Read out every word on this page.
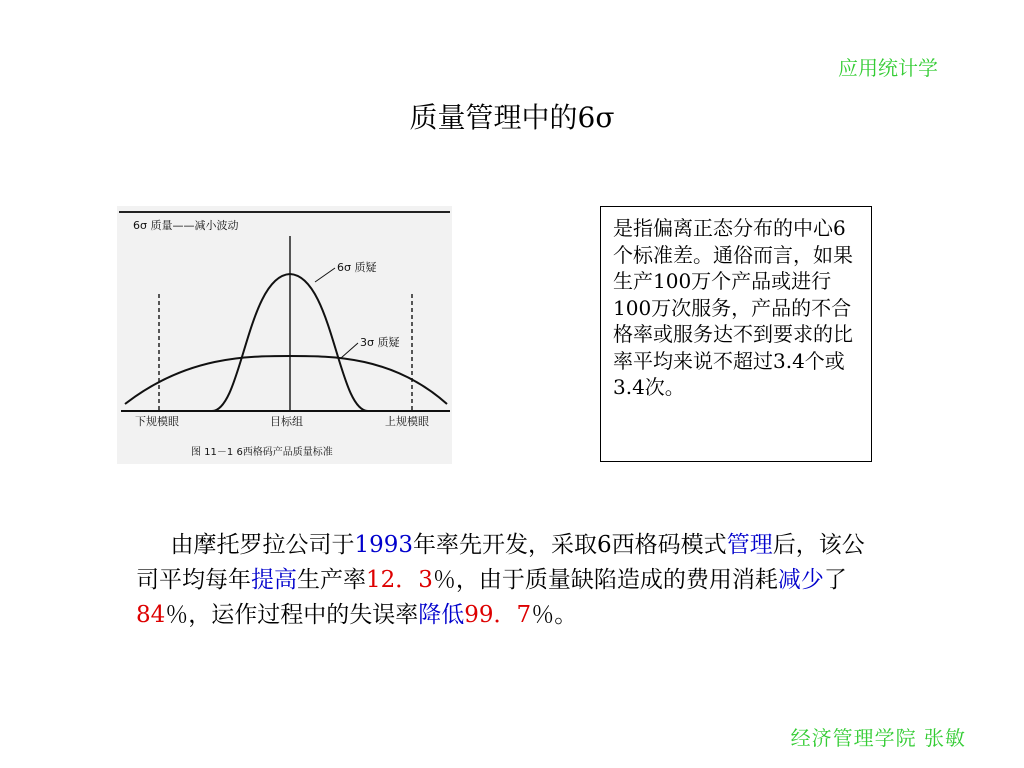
应用统计学
质量管理中的6σ
6σ 质量——减小波动
6σ 质疑
3σ 质疑
下规模眼	目标组	上规模眼
图 11－1 6西格码产品质量标准
是指偏离正态分布的中心6个标准差。通俗而言，如果生产100万个产品或进行100万次服务，产品的不合格率或服务达不到要求的比率平均来说不超过3.4个或3.4次。
由摩托罗拉公司于1993年率先开发，采取6西格码模式管理后，该公司平均每年提高生产率12．3％，由于质量缺陷造成的费用消耗减少了84％，运作过程中的失误率降低99．7％。
经济管理学院 张敏
